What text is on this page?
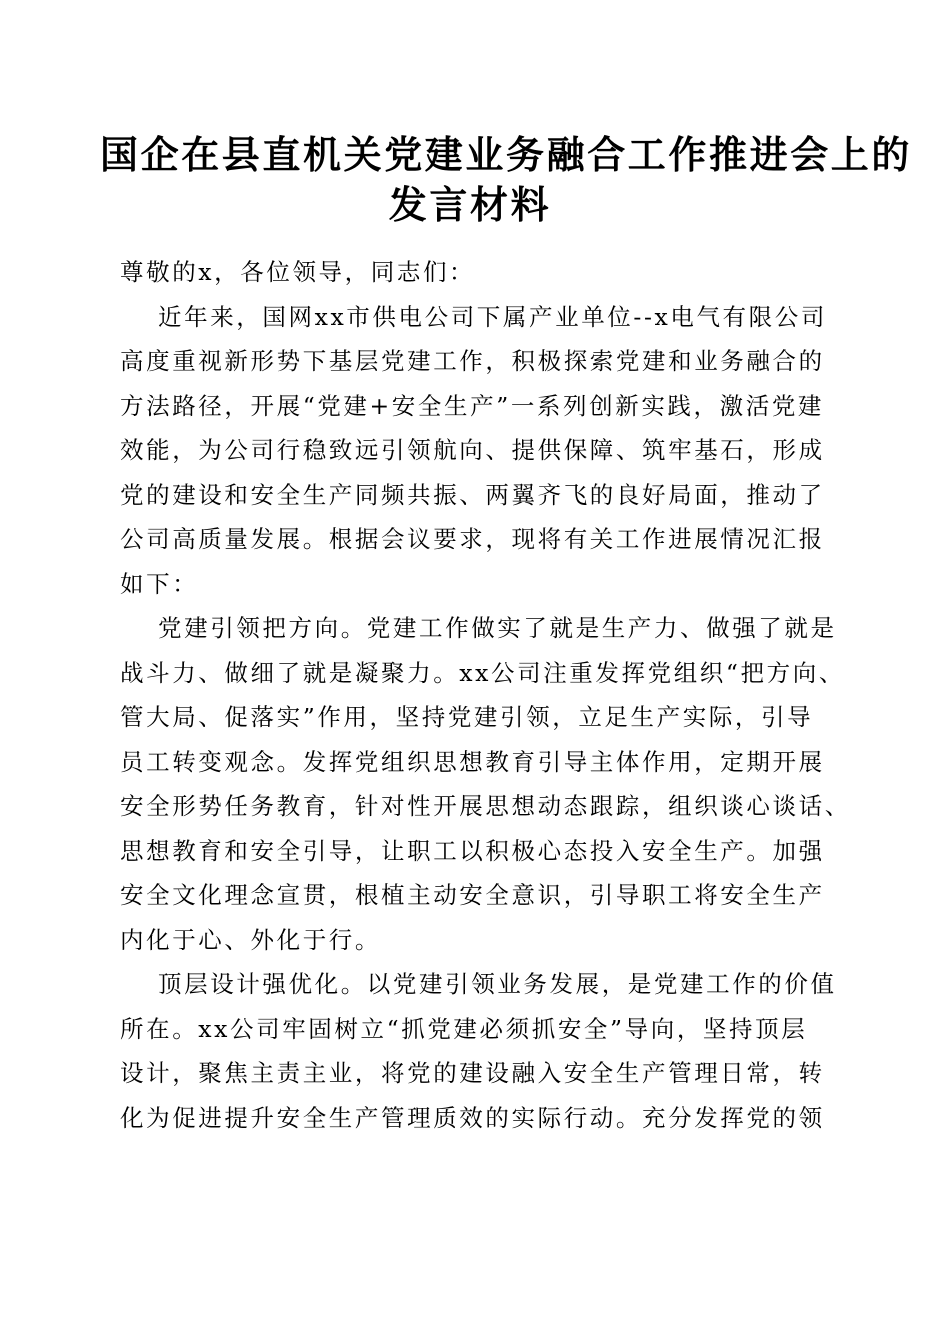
国企在县直机关党建业务融合工作推进会上的
发言材料
尊敬的x，各位领导，同志们：
近年来，国网xx市供电公司下属产业单位--x电气有限公司
高度重视新形势下基层党建工作，积极探索党建和业务融合的
方法路径，开展“党建+安全生产”一系列创新实践，激活党建
效能，为公司行稳致远引领航向、提供保障、筑牢基石，形成
党的建设和安全生产同频共振、两翼齐飞的良好局面，推动了
公司高质量发展。根据会议要求，现将有关工作进展情况汇报
如下：
党建引领把方向。党建工作做实了就是生产力、做强了就是
战斗力、做细了就是凝聚力。xx公司注重发挥党组织“把方向、
管大局、促落实”作用，坚持党建引领，立足生产实际，引导
员工转变观念。发挥党组织思想教育引导主体作用，定期开展
安全形势任务教育，针对性开展思想动态跟踪，组织谈心谈话、
思想教育和安全引导，让职工以积极心态投入安全生产。加强
安全文化理念宣贯，根植主动安全意识，引导职工将安全生产
内化于心、外化于行。
顶层设计强优化。以党建引领业务发展，是党建工作的价值
所在。xx公司牢固树立“抓党建必须抓安全”导向，坚持顶层
设计，聚焦主责主业，将党的建设融入安全生产管理日常，转
化为促进提升安全生产管理质效的实际行动。充分发挥党的领
